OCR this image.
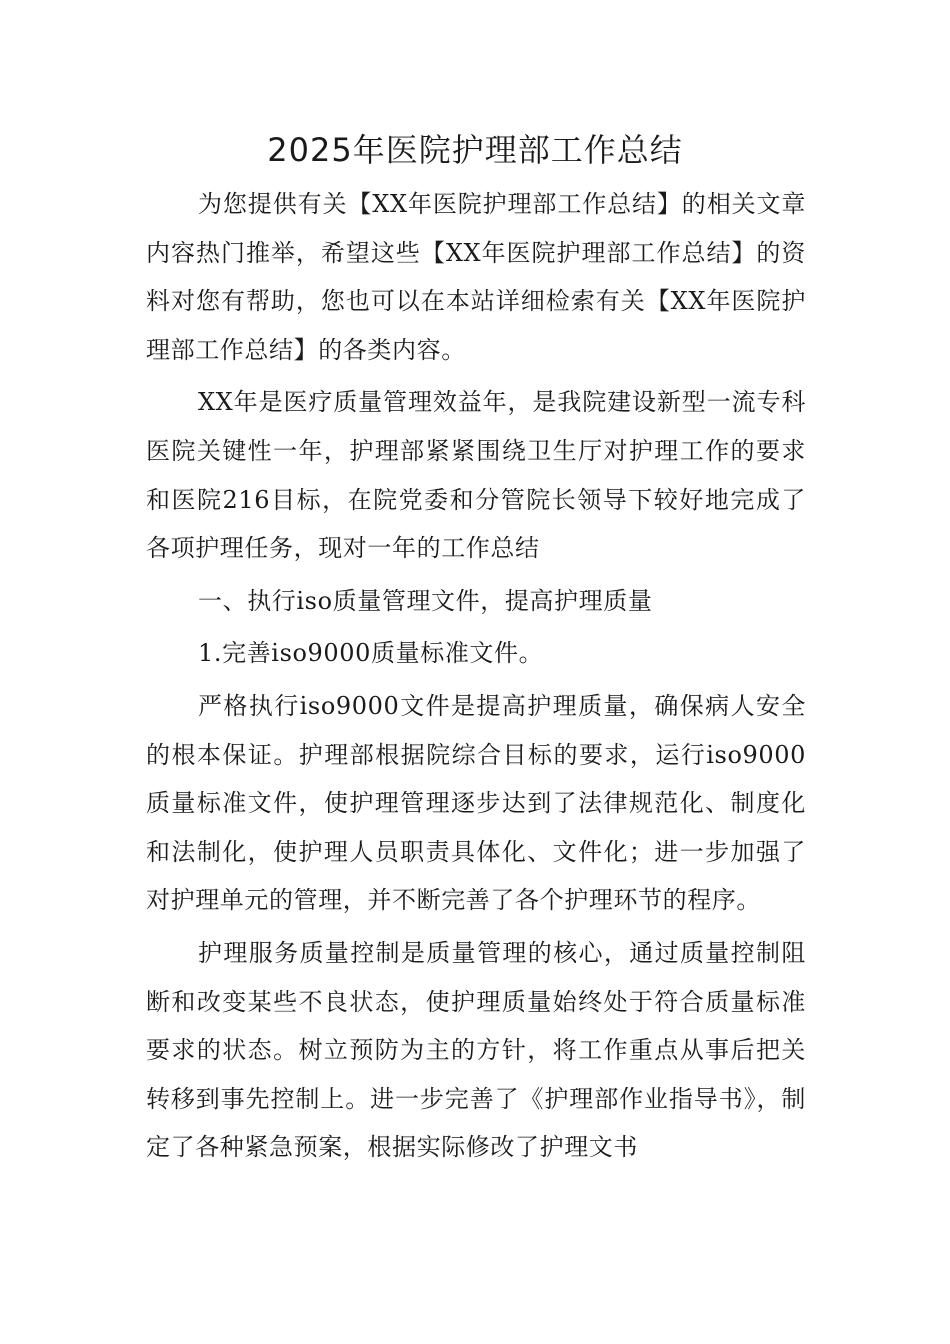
2025年医院护理部工作总结

为您提供有关【XX年医院护理部工作总结】的相关文章内容热门推举，希望这些【XX年医院护理部工作总结】的资料对您有帮助，您也可以在本站详细检索有关【XX年医院护理部工作总结】的各类内容。

XX年是医疗质量管理效益年，是我院建设新型一流专科医院关键性一年，护理部紧紧围绕卫生厅对护理工作的要求和医院216目标，在院党委和分管院长领导下较好地完成了各项护理任务，现对一年的工作总结

一、执行iso质量管理文件，提高护理质量

1.完善iso9000质量标准文件。

严格执行iso9000文件是提高护理质量，确保病人安全的根本保证。护理部根据院综合目标的要求，运行iso9000质量标准文件，使护理管理逐步达到了法律规范化、制度化和法制化，使护理人员职责具体化、文件化；进一步加强了对护理单元的管理，并不断完善了各个护理环节的程序。

护理服务质量控制是质量管理的核心，通过质量控制阻断和改变某些不良状态，使护理质量始终处于符合质量标准要求的状态。树立预防为主的方针，将工作重点从事后把关转移到事先控制上。进一步完善了《护理部作业指导书》，制定了各种紧急预案，根据实际修改了护理文书
